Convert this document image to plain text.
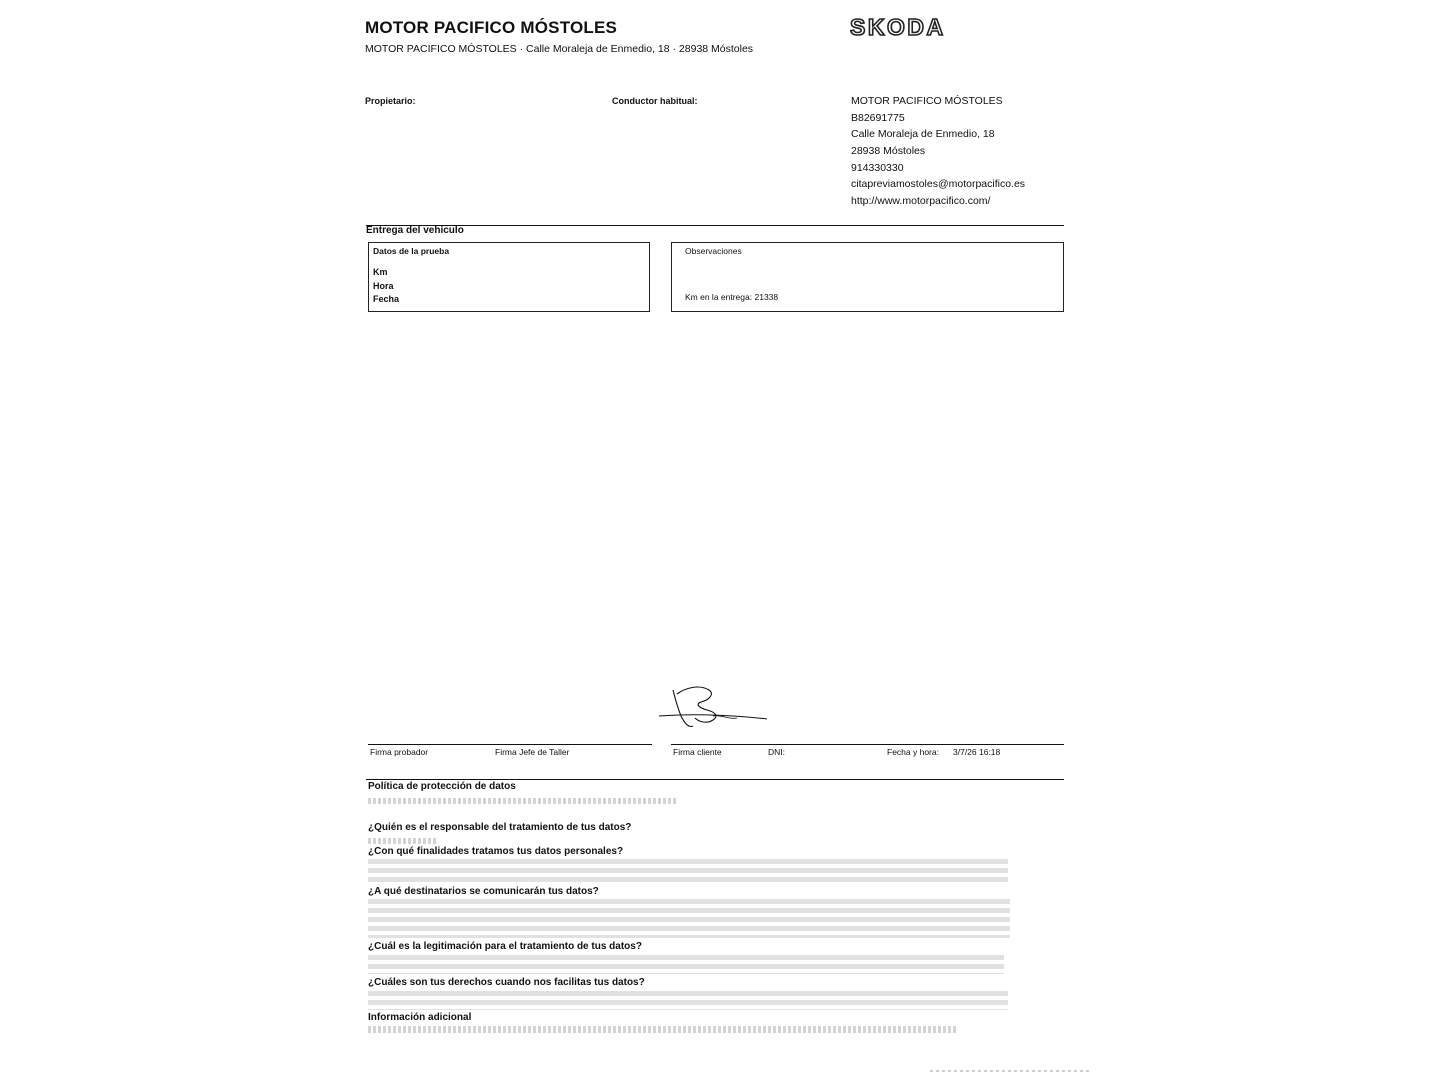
MOTOR PACIFICO MÓSTOLES
MOTOR PACIFICO MÓSTOLES · Calle Moraleja de Enmedio, 18 · 28938 Móstoles
SKODA
Propietario:	Conductor habitual:
·	·
MOTOR PACIFICO MÓSTOLES
B82691775
Calle Moraleja de Enmedio, 18
28938 Móstoles
914330330
citapreviamostoles@motorpacifico.es
http://www.motorpacifico.com/
Entrega del vehículo
Datos de la prueba
Km
Hora
Fecha
Observaciones
Km en la entrega: 21338
Firma probador	Firma Jefe de Taller	Firma cliente	DNI:	Fecha y hora: 3/7/26 16:18
Política de protección de datos
¿Quién es el responsable del tratamiento de tus datos?
¿Con qué finalidades tratamos tus datos personales?
¿A qué destinatarios se comunicarán tus datos?
¿Cuál es la legitimación para el tratamiento de tus datos?
¿Cuáles son tus derechos cuando nos facilitas tus datos?
Información adicional
